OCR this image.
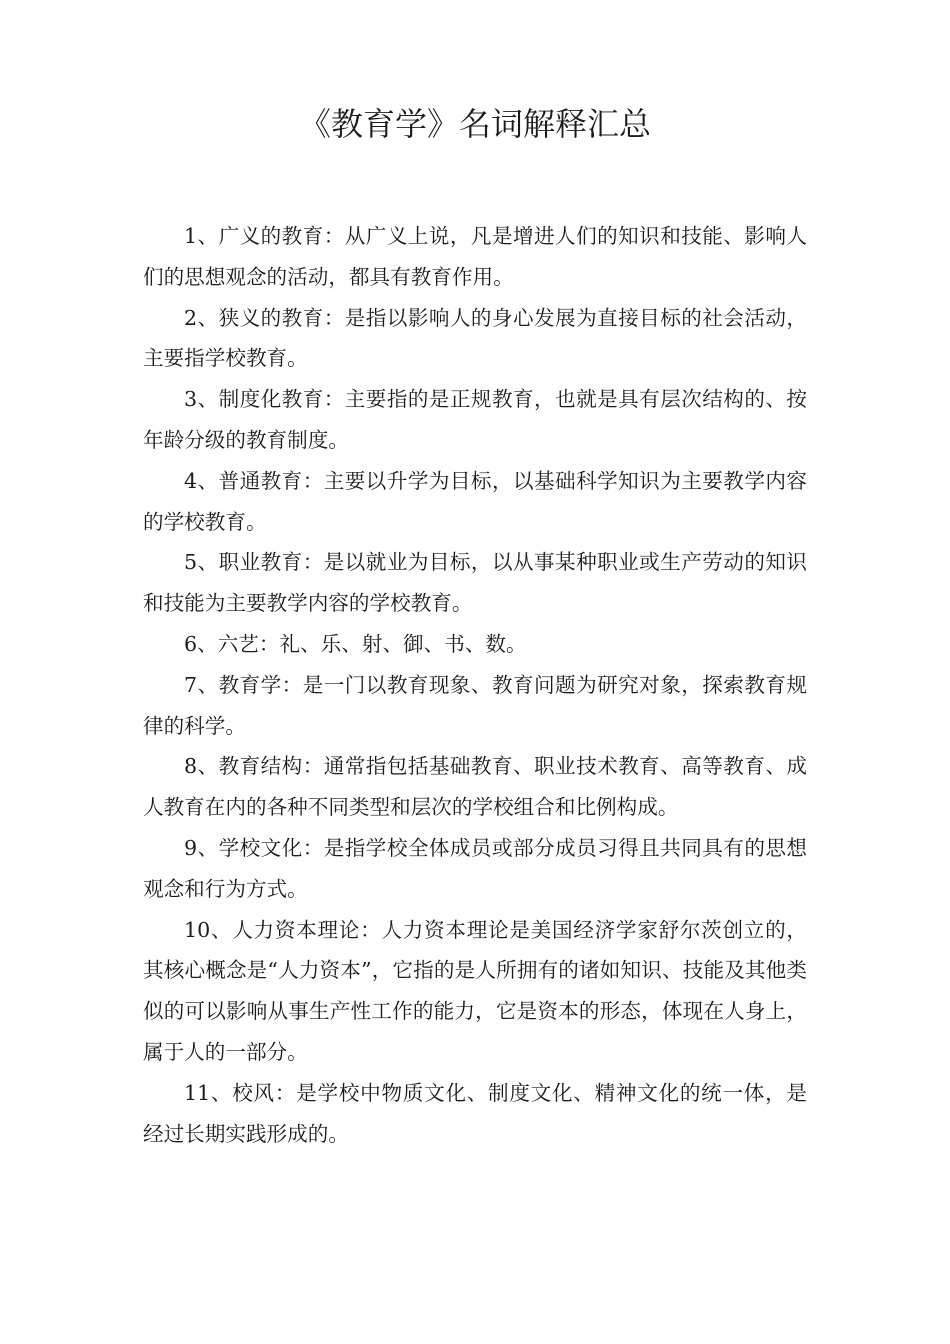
《教育学》名词解释汇总

1、广义的教育：从广义上说，凡是增进人们的知识和技能、影响人们的思想观念的活动，都具有教育作用。

2、狭义的教育：是指以影响人的身心发展为直接目标的社会活动，主要指学校教育。

3、制度化教育：主要指的是正规教育，也就是具有层次结构的、按年龄分级的教育制度。

4、普通教育：主要以升学为目标，以基础科学知识为主要教学内容的学校教育。

5、职业教育：是以就业为目标，以从事某种职业或生产劳动的知识和技能为主要教学内容的学校教育。

6、六艺：礼、乐、射、御、书、数。

7、教育学：是一门以教育现象、教育问题为研究对象，探索教育规律的科学。

8、教育结构：通常指包括基础教育、职业技术教育、高等教育、成人教育在内的各种不同类型和层次的学校组合和比例构成。

9、学校文化：是指学校全体成员或部分成员习得且共同具有的思想观念和行为方式。

10、人力资本理论：人力资本理论是美国经济学家舒尔茨创立的，其核心概念是“人力资本”，它指的是人所拥有的诸如知识、技能及其他类似的可以影响从事生产性工作的能力，它是资本的形态，体现在人身上，属于人的一部分。

11、校风：是学校中物质文化、制度文化、精神文化的统一体，是经过长期实践形成的。
